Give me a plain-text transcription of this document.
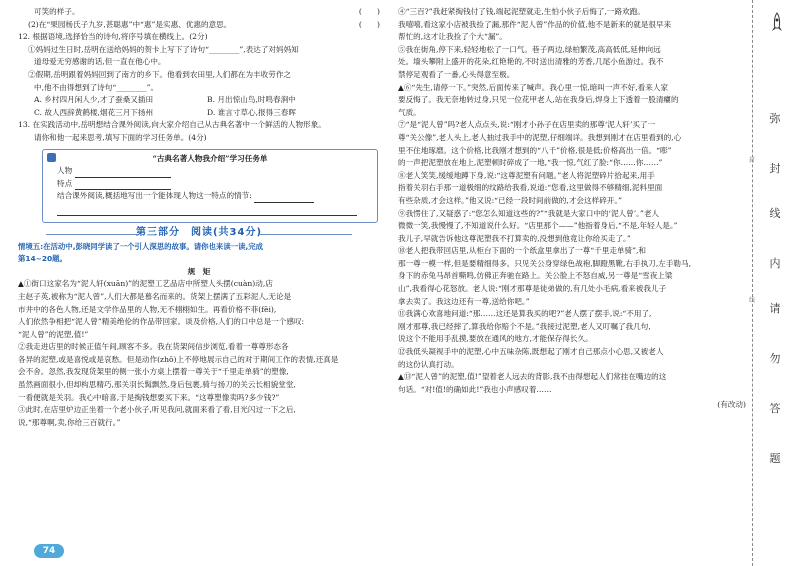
可笑的样子。	(　　)
(2)在“果园杨氏子九岁,甚聪惠”中“惠”是实惠、优惠的意思。	(　　)
12. 根据语境,选择恰当的诗句,将序号填在横线上。(2分)
①妈妈过生日时,岳明在送给妈妈的贺卡上写下了诗句“________”,表达了对妈妈知
道母爱无穷感谢的话,但一直在他心中。
②假期,岳明跟着妈妈回到了南方的乡下。他看到农田里,人们都在为丰收劳作之
中,他不由得想到了诗句“________”。
A. 乡村四月闲人少,才了蚕桑又插田	B. 月出惊山鸟,时鸣春涧中
C. 故人西辞黄鹤楼,烟花三月下扬州	D. 谁言寸草心,报得三春晖
13. 在实践活动中,岳明想结合课外阅读,向大家介绍自己从古典名著中一个鲜活的人物形象。
请你和他一起来思考,填写下面的学习任务单。(4分)
“古典名著人物我介绍”学习任务单
人物
特点
结合课外阅读,概括地写出一个能体现人物这一特点的情节:
第三部分　阅读(共34分)
情境五:在活动中,彭晓同学读了一个引人深思的故事。请你也来读一读,完成
第14~20题。
规　矩
▲①街口这家名为“泥人轩(xuān)”的泥塑工艺品店中所塑人头摆(cuàn)动,店
主赵子英,被称为“泥人曾”,人们大都是慕名而来的。货架上摆满了五彩泥人,无论是
市井中的各色人物,还是文学作品里的人物,无不栩栩如生。再看价格不菲(fěi),
人们依然争相把“泥人曾”精美绝伦的作品带回家。谈及价格,人们的口中总是一个感叹:
“泥人曾”的泥塑,值!”
②我走进店里的时候正值午间,顾客不多。我在货架间信步浏览,看着一尊尊形态各
各异的泥塑,或是喜悦或是哀愁。但是动作(zhǒ)上不停地展示自己的对于期间工作的表情,还真是
会不舍。忽然,我发现货架里的侧一张小方桌上摆着一尊关于“千里走单骑”的塑像,
虽然画面很小,但却构思精巧,那关羽长髯飘然,身后包裹,骑与扬刀的关云长相貌堂堂,
一看便就是关羽。我心中暗喜,于是掏钱想要买下来。“这尊塑像卖吗?多少钱?”
③此时,在店里炉边正坐着一个老小伙子,听见我问,就面来看了看,目光闪过一下之后,
说,“那尊啊,卖,你给三百就行。”
74
④“三百?”我赶紧掏钱付了钱,端起泥塑就走,生怕小伙子后悔了,一路欢跑。
我嘻嘻,看这家小店被我捡了漏,那件“泥人曾”作品的价值,他不是新来的就是很早来
帮忙的,这才让我捡了个大“漏”。
⑤我在街角,停下来,轻轻地松了一口气。巷子两边,绿柏繁茂,高高低低,延伸向远
处。墙头攀附上盛开的花朵,红艳艳的,不时送出清雅的芳香,几尾小鱼游过。我不
禁停足观看了一番,心头得意至极。
▲⑥“先生,请停一下。”突然,后面传来了喊声。我心里一惊,暗叫一声不好,看来人家
要反悔了。我无奈地转过身,只见一位花甲老人,站在我身后,焊身上下透着一股清癯的
气质。
⑦“是“泥人曾”吗?老人点点头,说:“刚才小孙子在店里卖的那尊‘泥人轩’买了一
尊“关公像”,老人头上,老人抽过我手中的泥塑,仔细端详。我想到刚才在店里看到的,心
里不住地琢磨。这个价格,比我刚才想到的“八千”价格,很是低;价格高出一倍。“嘭”
的一声把泥塑放在地上,泥塑顿时碎成了一地,“我一惊,气红了脸:“你……你……”
⑧老人笑笑,缓缓地蹲下身,说:“这尊泥塑有问题。”老人将泥塑碎片拾起来,用手
指着关羽右手那一道极细的纹路给我看,说道:“您看,这里做得不够精细,泥料里面
有些杂质,才会这样。”他又说:“已经一段时间前做的,才会这样碎开。”
⑨我愣住了,又疑惑了:“您怎么知道这些的?”“我就是大家口中的‘泥人曾’。”老人
微微一笑,我慢慢了,不知道说什么好。“店里那个——”他指着身后,“不是,年轻人是。”
我儿子,早就告诉他这尊泥塑我不打算卖的,没想到他竟让你给买走了。”
⑩老人把我带回店里,从柜台下面的一个纸盒里拿出了一尊“千里走单骑”,和
那一尊一模一样,但是要精细得多。只见关公身穿绿色战袍,脚蹬黑靴,右手执刀,左手勒马,
身下的赤兔马昂首嘶鸣,仿佛正奔驰在路上。关公脸上不怒自威,另一尊是“雪夜上梁
山”,我看得心花怒放。老人说:“刚才那尊是徒弟做的,有几处小毛病,看来被我儿子
拿去卖了。我这边还有一尊,送给你吧。”
⑪我满心欢喜地问道:“那……这还是算我买的吧?”老人摆了摆手,说:“不用了,
刚才那尊,我已经摔了,算我给你赔个不是。”我接过泥塑,老人又叮嘱了我几句,
说这个不能用手乱摸,要放在通风的地方,才能保存得长久。
⑫我低头凝视手中的泥塑,心中五味杂陈,既想起了刚才自己那点小心思,又被老人
的这份认真打动。
▲⑬“泥人曾”的泥塑,值!”望着老人远去的背影,我不由得想起人们常挂在嘴边的这
句话。“对!值!的确如此!”我也小声感叹着……
(有改动)
弥
封
线
内
请
勿
答
题
封
线
